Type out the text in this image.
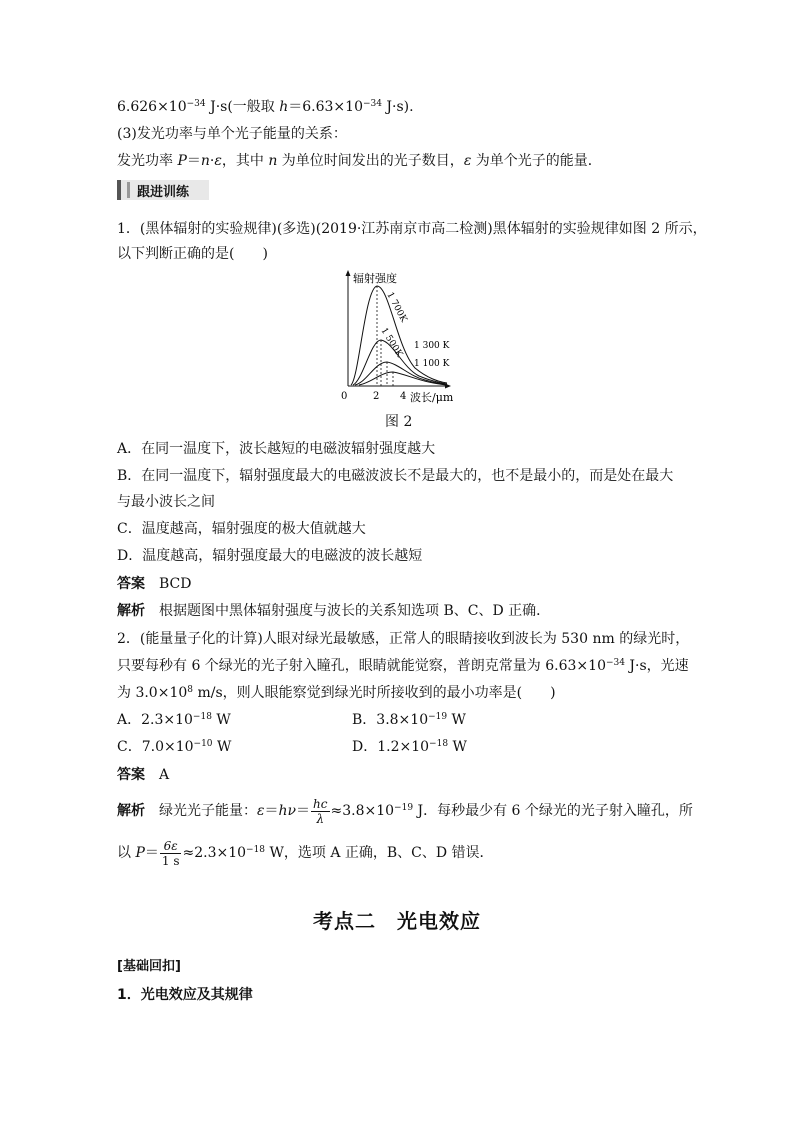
$6.626\times 10^{-34}$ J·s(一般取 $h=6.63\times 10^{-34}$ J·s).
(3)发光功率与单个光子能量的关系：
发光功率 P＝n·ε，其中 n 为单位时间发出的光子数目，ε 为单个光子的能量．
跟进训练
1．(黑体辐射的实验规律)(多选)(2019·江苏南京市高二检测)黑体辐射的实验规律如图 2 所示，
以下判断正确的是(　　)
辐射强度
波长/μm
0	2 4
1 700K
1 500K 1 300 K
1 100 K
图 2
A．在同一温度下，波长越短的电磁波辐射强度越大
B．在同一温度下，辐射强度最大的电磁波波长不是最大的，也不是最小的，而是处在最大
与最小波长之间
C．温度越高，辐射强度的极大值就越大
D．温度越高，辐射强度最大的电磁波的波长越短
答案 BCD
解析 根据题图中黑体辐射强度与波长的关系知选项 B、C、D 正确．
2．(能量量子化的计算)人眼对绿光最敏感，正常人的眼睛接收到波长为 530 nm 的绿光时，
只要每秒有 6 个绿光的光子射入瞳孔，眼睛就能觉察，普朗克常量为 $6.63\times 10^{-34}$ J·s，光速
为 $3.0\times 10^8$ m/s，则人眼能察觉到绿光时所接收到的最小功率是(　　)
A．$2.3\times 10^{-18}$ W	B．$3.8\times 10^{-19}$ W
C．$7.0\times 10^{-10}$ W	D．$1.2\times 10^{-18}$ W
答案 A
解析 绿光光子能量：$\varepsilon=h\nu= \frac{hc}{\lambda} \approx 3.8\times 10^{-19}$ J．每秒最少有 6 个绿光的光子射入瞳孔，所
以 $P= \frac{6\varepsilon}{1 s} \approx 2.3\times 10^{-18}$ W，选项 A 正确，B、C、D 错误．
考点二　光电效应
[基础回扣]
1．光电效应及其规律
